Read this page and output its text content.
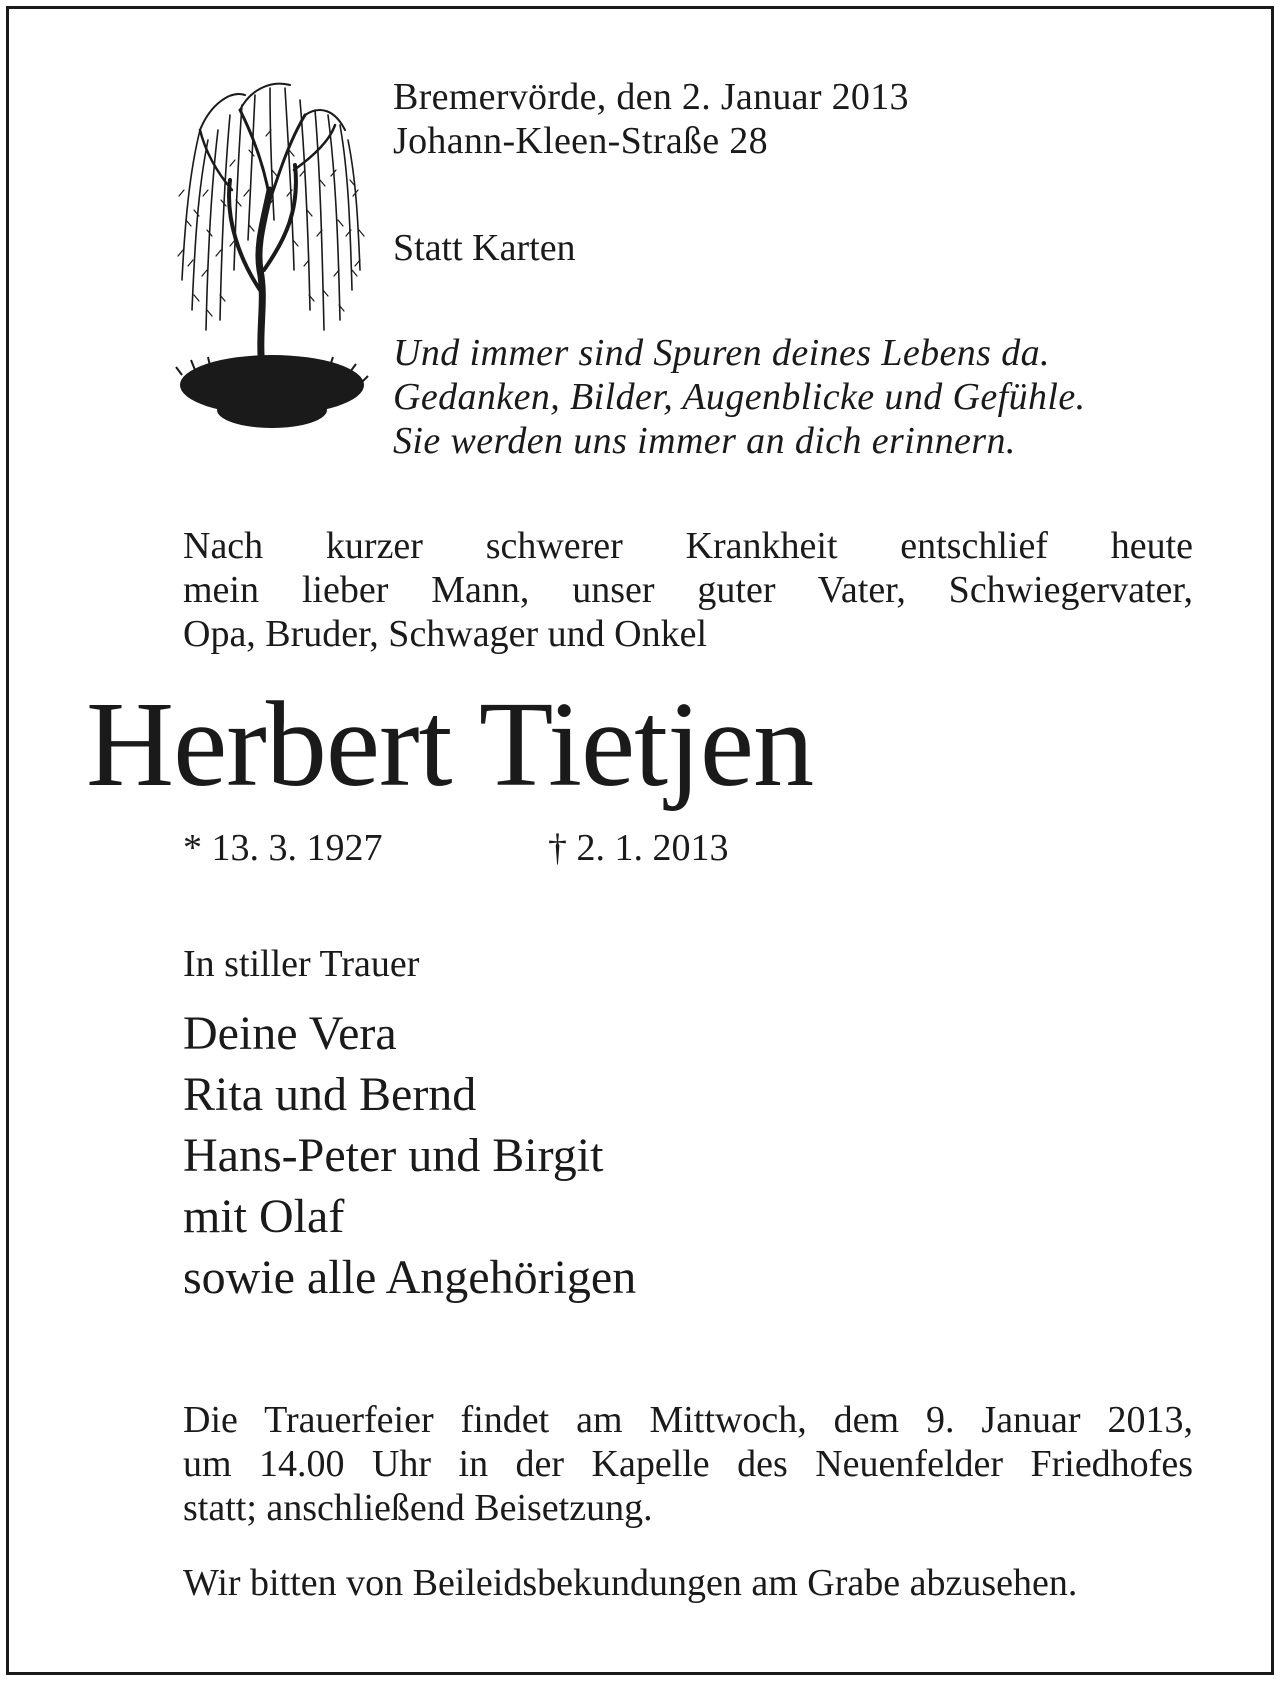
Bremervörde, den 2. Januar 2013
Johann-Kleen-Straße 28
Statt Karten
Und immer sind Spuren deines Lebens da.
Gedanken, Bilder, Augenblicke und Gefühle.
Sie werden uns immer an dich erinnern.
Nach kurzer schwerer Krankheit entschlief heute
mein lieber Mann, unser guter Vater, Schwiegervater,
Opa, Bruder, Schwager und Onkel
Herbert Tietjen
* 13. 3. 1927	† 2. 1. 2013
In stiller Trauer
Deine Vera
Rita und Bernd
Hans-Peter und Birgit
mit Olaf
sowie alle Angehörigen
Die Trauerfeier findet am Mittwoch, dem 9. Januar 2013,
um 14.00 Uhr in der Kapelle des Neuenfelder Friedhofes
statt; anschließend Beisetzung.
Wir bitten von Beileidsbekundungen am Grabe abzusehen.
